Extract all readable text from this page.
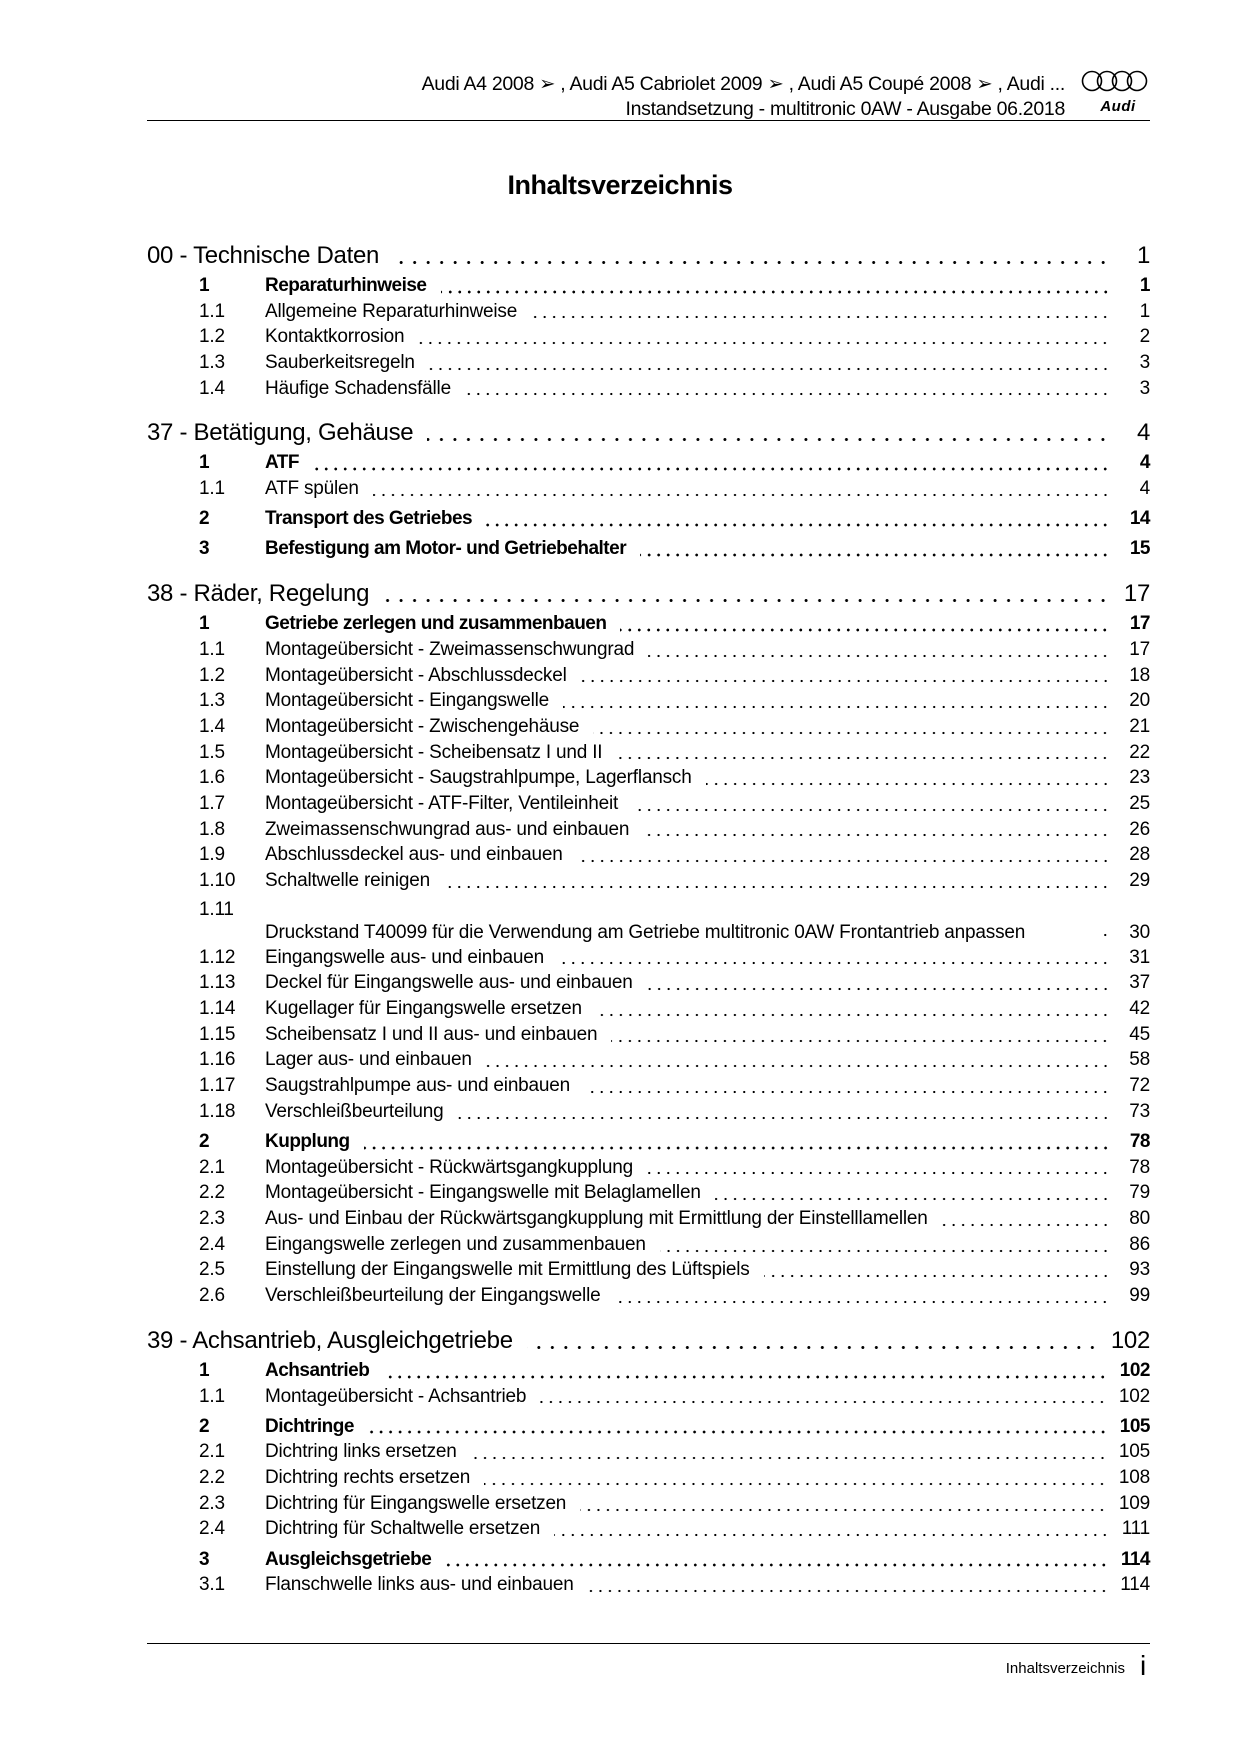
Audi A4 2008 ➢ , Audi A5 Cabriolet 2009 ➢ , Audi A5 Coupé 2008 ➢ , Audi ...
Instandsetzung - multitronic 0AW - Ausgabe 06.2018	Audi
Inhaltsverzeichnis
00 - Technische Daten	1
1	Reparaturhinweise	1
1.1	Allgemeine Reparaturhinweise	1
1.2	Kontaktkorrosion	2
1.3	Sauberkeitsregeln	3
1.4	Häufige Schadensfälle	3
37 - Betätigung, Gehäuse	4
1	ATF	4
1.1	ATF spülen	4
2	Transport des Getriebes	14
3	Befestigung am Motor- und Getriebehalter	15
38 - Räder, Regelung	17
1	Getriebe zerlegen und zusammenbauen	17
1.1	Montageübersicht - Zweimassenschwungrad	17
1.2	Montageübersicht - Abschlussdeckel	18
1.3	Montageübersicht - Eingangswelle	20
1.4	Montageübersicht - Zwischengehäuse	21
1.5	Montageübersicht - Scheibensatz I und II	22
1.6	Montageübersicht - Saugstrahlpumpe, Lagerflansch	23
1.7	Montageübersicht - ATF-Filter, Ventileinheit	25
1.8	Zweimassenschwungrad aus- und einbauen	26
1.9	Abschlussdeckel aus- und einbauen	28
1.10	Schaltwelle reinigen	29
1.11
Druckstand T40099 für die Verwendung am Getriebe multitronic 0AW Frontantrieb anpassen	30
1.12	Eingangswelle aus- und einbauen	31
1.13	Deckel für Eingangswelle aus- und einbauen	37
1.14	Kugellager für Eingangswelle ersetzen	42
1.15	Scheibensatz I und II aus- und einbauen	45
1.16	Lager aus- und einbauen	58
1.17	Saugstrahlpumpe aus- und einbauen	72
1.18	Verschleißbeurteilung	73
2	Kupplung	78
2.1	Montageübersicht - Rückwärtsgangkupplung	78
2.2	Montageübersicht - Eingangswelle mit Belaglamellen	79
2.3	Aus- und Einbau der Rückwärtsgangkupplung mit Ermittlung der Einstelllamellen	80
2.4	Eingangswelle zerlegen und zusammenbauen	86
2.5	Einstellung der Eingangswelle mit Ermittlung des Lüftspiels	93
2.6	Verschleißbeurteilung der Eingangswelle	99
39 - Achsantrieb, Ausgleichgetriebe	102
1	Achsantrieb	102
1.1	Montageübersicht - Achsantrieb	102
2	Dichtringe	105
2.1	Dichtring links ersetzen	105
2.2	Dichtring rechts ersetzen	108
2.3	Dichtring für Eingangswelle ersetzen	109
2.4	Dichtring für Schaltwelle ersetzen	111
3	Ausgleichsgetriebe	114
3.1	Flanschwelle links aus- und einbauen	114
Inhaltsverzeichnis i
